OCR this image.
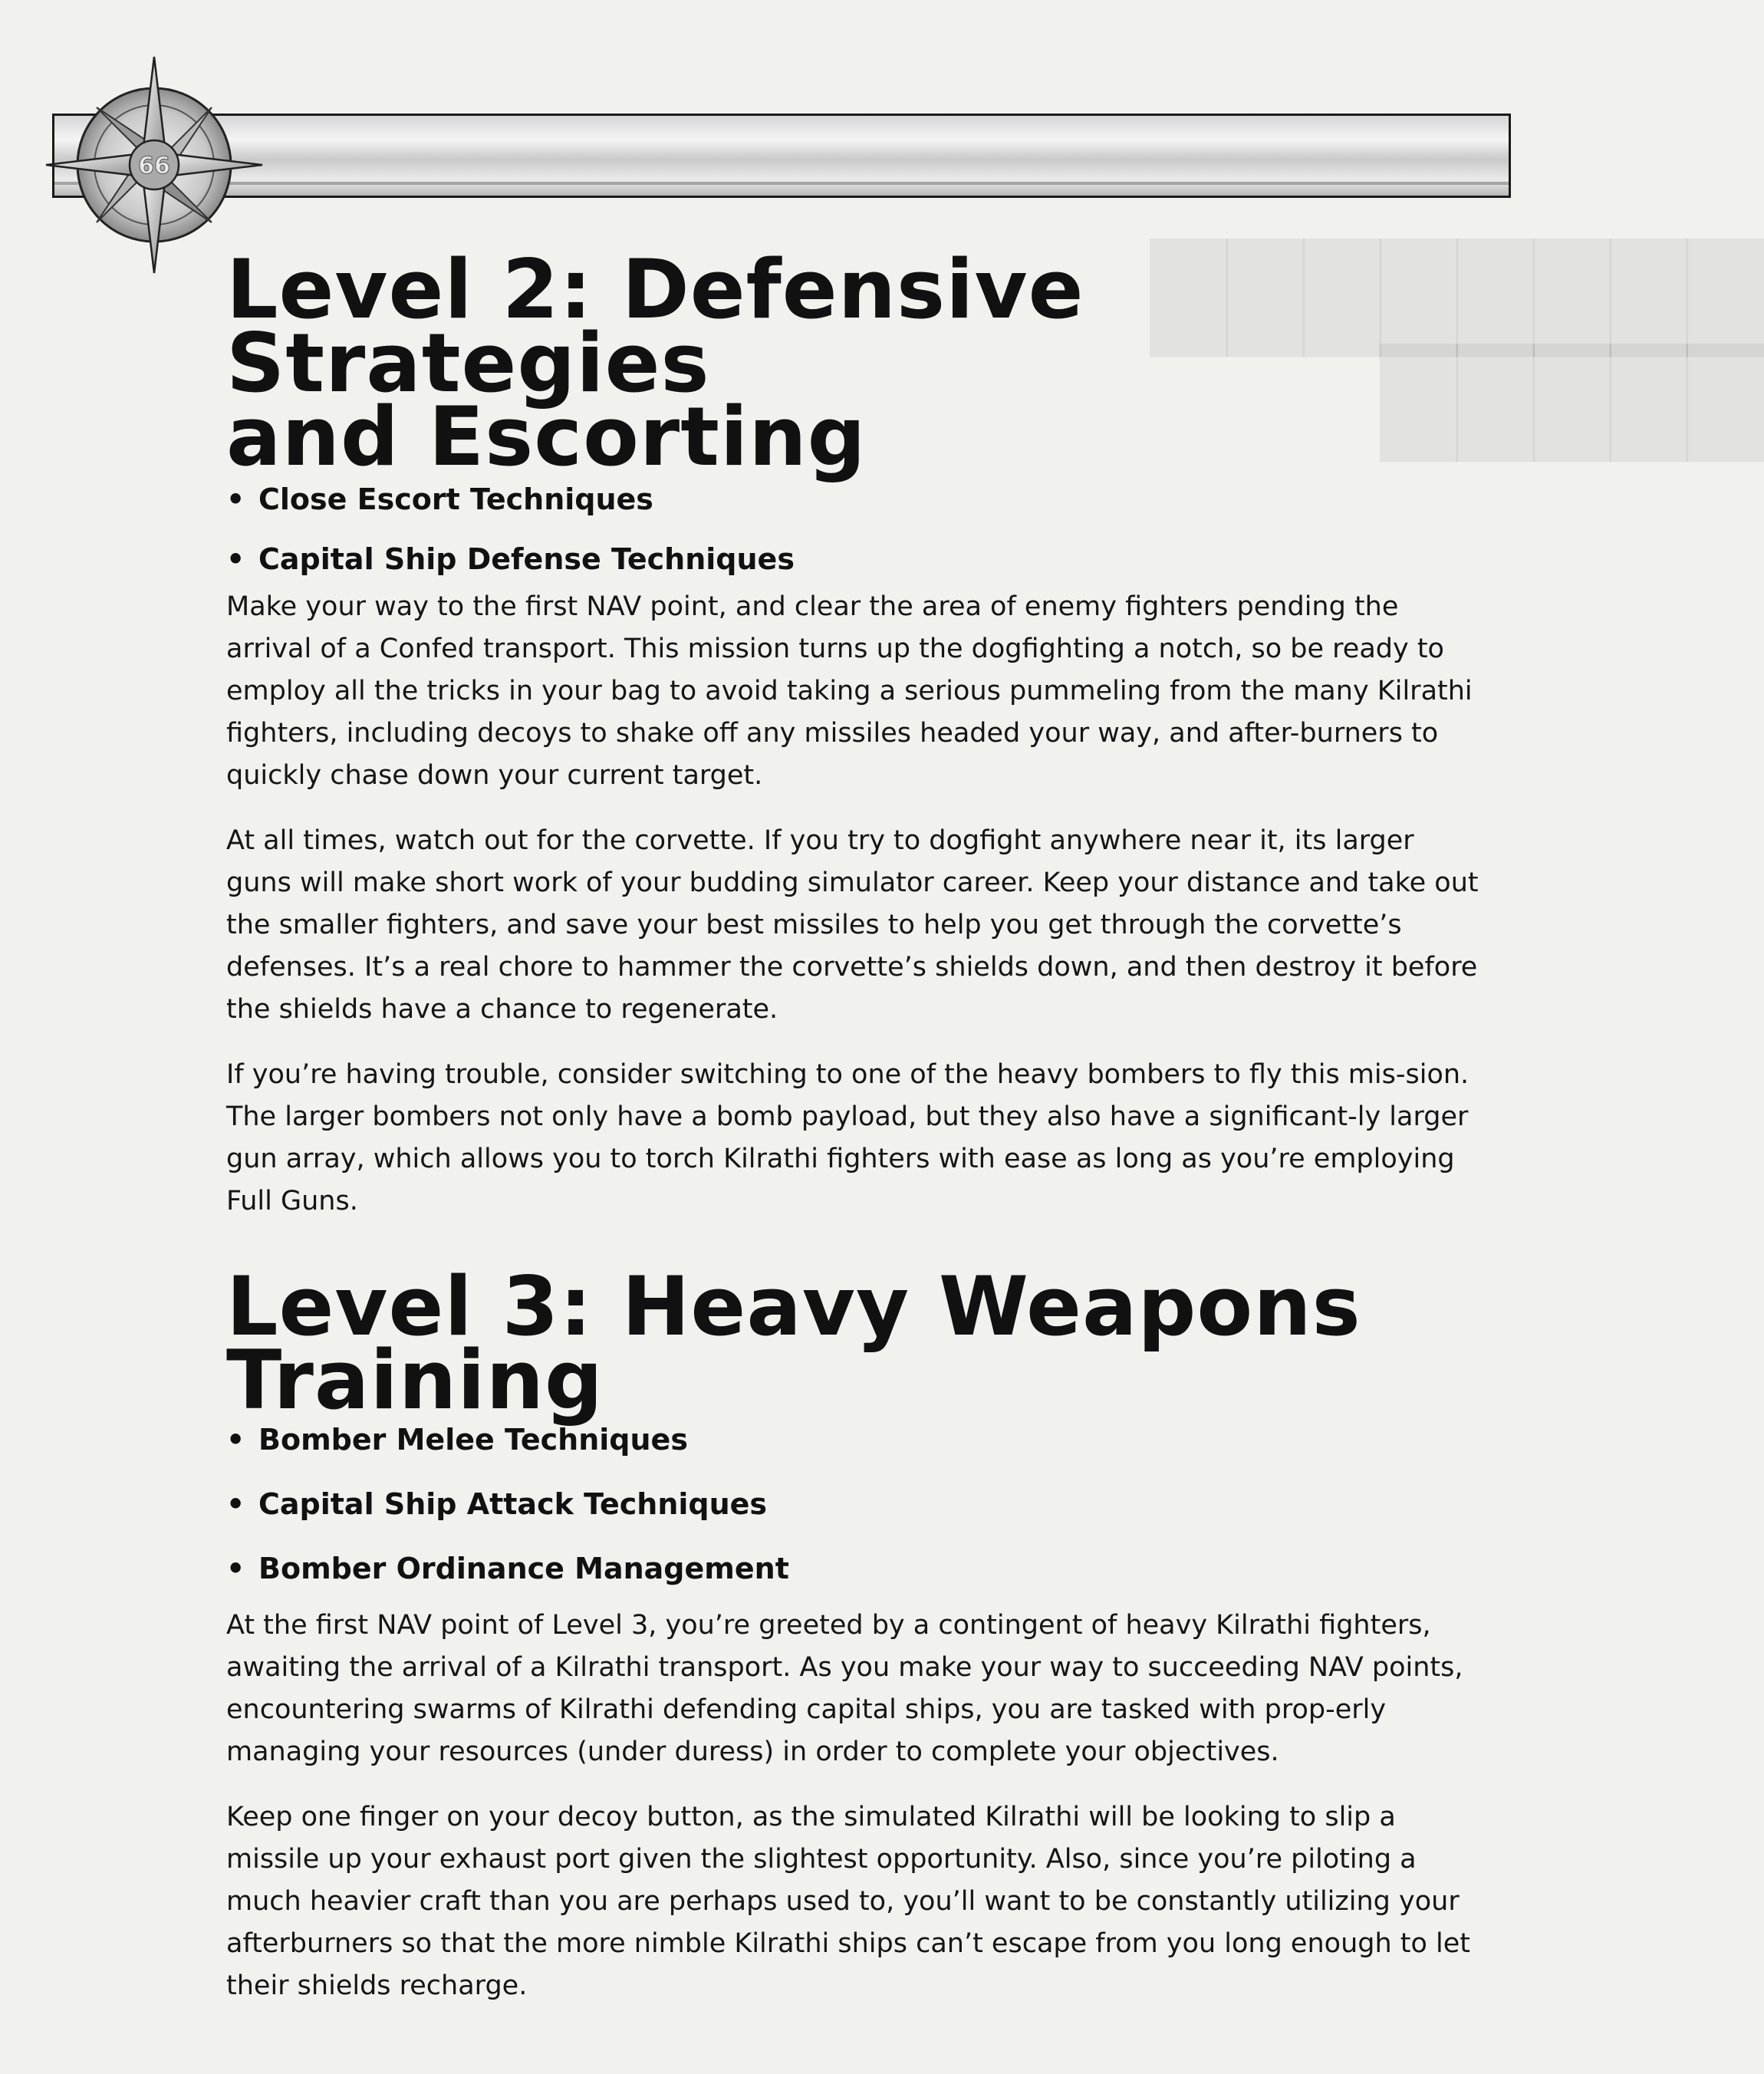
████████
█████
66
Level 2: Defensive Strategies
and Escorting
• Close Escort Techniques
• Capital Ship Defense Techniques

Make your way to the first NAV point, and clear the area of enemy fighters pending the arrival of a Confed transport. This mission turns up the dogfighting a notch, so be ready to employ all the tricks in your bag to avoid taking a serious pummeling from the many Kilrathi fighters, including decoys to shake off any missiles headed your way, and after-burners to quickly chase down your current target.

At all times, watch out for the corvette. If you try to dogfight anywhere near it, its larger guns will make short work of your budding simulator career. Keep your distance and take out the smaller fighters, and save your best missiles to help you get through the corvette’s defenses. It’s a real chore to hammer the corvette’s shields down, and then destroy it before the shields have a chance to regenerate.

If you’re having trouble, consider switching to one of the heavy bombers to fly this mis-sion. The larger bombers not only have a bomb payload, but they also have a significant-ly larger gun array, which allows you to torch Kilrathi fighters with ease as long as you’re employing Full Guns.

Level 3: Heavy Weapons
Training
• Bomber Melee Techniques
• Capital Ship Attack Techniques
• Bomber Ordinance Management

At the first NAV point of Level 3, you’re greeted by a contingent of heavy Kilrathi fighters, awaiting the arrival of a Kilrathi transport. As you make your way to succeeding NAV points, encountering swarms of Kilrathi defending capital ships, you are tasked with prop-erly managing your resources (under duress) in order to complete your objectives.

Keep one finger on your decoy button, as the simulated Kilrathi will be looking to slip a missile up your exhaust port given the slightest opportunity. Also, since you’re piloting a much heavier craft than you are perhaps used to, you’ll want to be constantly utilizing your afterburners so that the more nimble Kilrathi ships can’t escape from you long enough to let their shields recharge.
